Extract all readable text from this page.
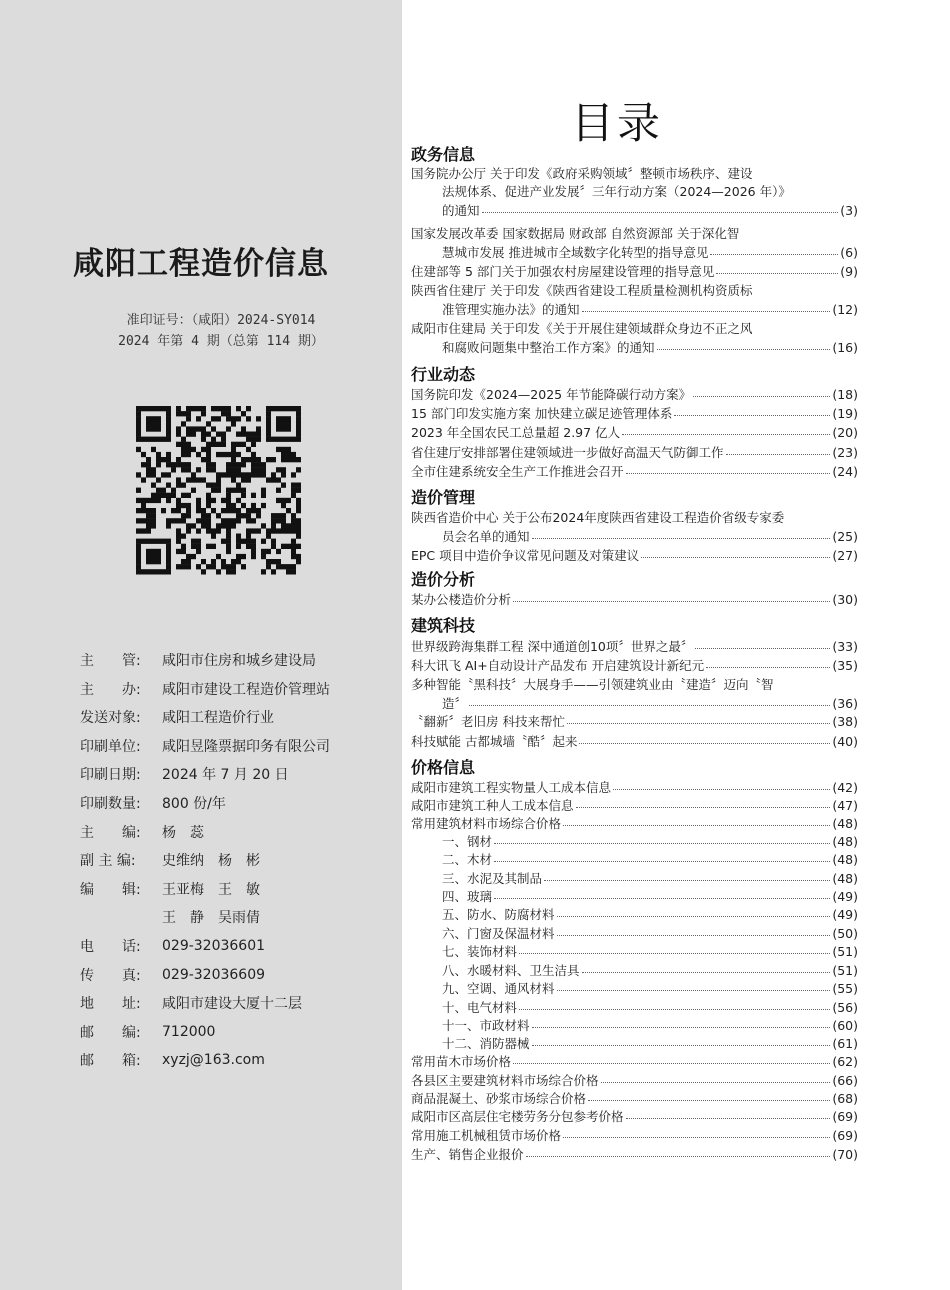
咸阳工程造价信息
准印证号：（咸阳）2024-SY014
2024 年第 4 期（总第 114 期）
主　　管:	咸阳市住房和城乡建设局
主　　办:	咸阳市建设工程造价管理站
发送对象:	咸阳工程造价行业
印刷单位:	咸阳昱隆票据印务有限公司
印刷日期:	2024 年 7 月 20 日
印刷数量:	800 份/年
主　　编:	杨　蕊
副 主 编:	史维纳　杨　彬
编　　辑:	王亚梅　王　敏
王　静　吴雨倩
电　　话:	029-32036601
传　　真:	029-32036609
地　　址:	咸阳市建设大厦十二层
邮　　编:	712000
邮　　箱:	xyzj@163.com
目录
政务信息
行业动态
造价管理
造价分析
建筑科技
价格信息
国务院办公厅 关于印发《政府采购领域〞整顿市场秩序、建设
法规体系、促进产业发展〞三年行动方案（2024—2026 年）》
的通知	(3)
国家发展改革委 国家数据局 财政部 自然资源部 关于深化智
慧城市发展 推进城市全域数字化转型的指导意见	(6)
住建部等 5 部门关于加强农村房屋建设管理的指导意见	(9)
陕西省住建厅 关于印发《陕西省建设工程质量检测机构资质标
准管理实施办法》的通知	(12)
咸阳市住建局 关于印发《关于开展住建领域群众身边不正之风
和腐败问题集中整治工作方案》的通知	(16)
国务院印发《2024—2025 年节能降碳行动方案》	(18)
15 部门印发实施方案 加快建立碳足迹管理体系	(19)
2023 年全国农民工总量超 2.97 亿人	(20)
省住建厅安排部署住建领域进一步做好高温天气防御工作	(23)
全市住建系统安全生产工作推进会召开	(24)
陕西省造价中心 关于公布2024年度陕西省建设工程造价省级专家委
员会名单的通知	(25)
EPC 项目中造价争议常见问题及对策建议	(27)
某办公楼造价分析	(30)
世界级跨海集群工程 深中通道创10项〞世界之最〞	(33)
科大讯飞 AI+自动设计产品发布 开启建筑设计新纪元	(35)
多种智能〝黑科技〞大展身手——引领建筑业由〝建造〞迈向〝智
造〞	(36)
〝翻新〞老旧房 科技来帮忙	(38)
科技赋能 古都城墙〝酷〞起来	(40)
咸阳市建筑工程实物量人工成本信息	(42)
咸阳市建筑工种人工成本信息	(47)
常用建筑材料市场综合价格	(48)
一、钢材	(48)
二、木材	(48)
三、水泥及其制品	(48)
四、玻璃	(49)
五、防水、防腐材料	(49)
六、门窗及保温材料	(50)
七、装饰材料	(51)
八、水暖材料、卫生洁具	(51)
九、空调、通风材料	(55)
十、电气材料	(56)
十一、市政材料	(60)
十二、消防器械	(61)
常用苗木市场价格	(62)
各县区主要建筑材料市场综合价格	(66)
商品混凝土、砂浆市场综合价格	(68)
咸阳市区高层住宅楼劳务分包参考价格	(69)
常用施工机械租赁市场价格	(69)
生产、销售企业报价	(70)
